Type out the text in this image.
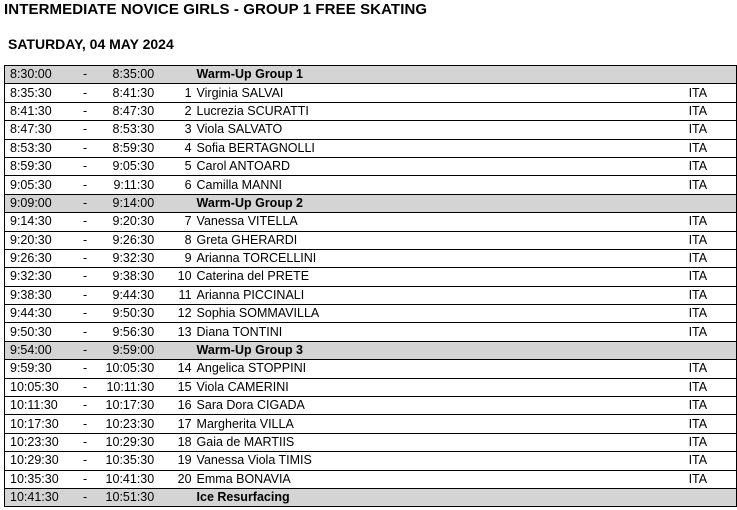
INTERMEDIATE NOVICE GIRLS - GROUP 1 FREE SKATING
SATURDAY, 04 MAY 2024
8:30:00	-	8:35:00		Warm-Up Group 1	
8:35:30	-	8:41:30	1	Virginia SALVAI	ITA
8:41:30	-	8:47:30	2	Lucrezia SCURATTI	ITA
8:47:30	-	8:53:30	3	Viola SALVATO	ITA
8:53:30	-	8:59:30	4	Sofia BERTAGNOLLI	ITA
8:59:30	-	9:05:30	5	Carol ANTOARD	ITA
9:05:30	-	9:11:30	6	Camilla MANNI	ITA
9:09:00	-	9:14:00		Warm-Up Group 2	
9:14:30	-	9:20:30	7	Vanessa VITELLA	ITA
9:20:30	-	9:26:30	8	Greta GHERARDI	ITA
9:26:30	-	9:32:30	9	Arianna TORCELLINI	ITA
9:32:30	-	9:38:30	10	Caterina del PRETE	ITA
9:38:30	-	9:44:30	11	Arianna PICCINALI	ITA
9:44:30	-	9:50:30	12	Sophia SOMMAVILLA	ITA
9:50:30	-	9:56:30	13	Diana TONTINI	ITA
9:54:00	-	9:59:00		Warm-Up Group 3	
9:59:30	-	10:05:30	14	Angelica STOPPINI	ITA
10:05:30	-	10:11:30	15	Viola CAMERINI	ITA
10:11:30	-	10:17:30	16	Sara Dora CIGADA	ITA
10:17:30	-	10:23:30	17	Margherita VILLA	ITA
10:23:30	-	10:29:30	18	Gaia de MARTIIS	ITA
10:29:30	-	10:35:30	19	Vanessa Viola TIMIS	ITA
10:35:30	-	10:41:30	20	Emma BONAVIA	ITA
10:41:30	-	10:51:30		Ice Resurfacing	
